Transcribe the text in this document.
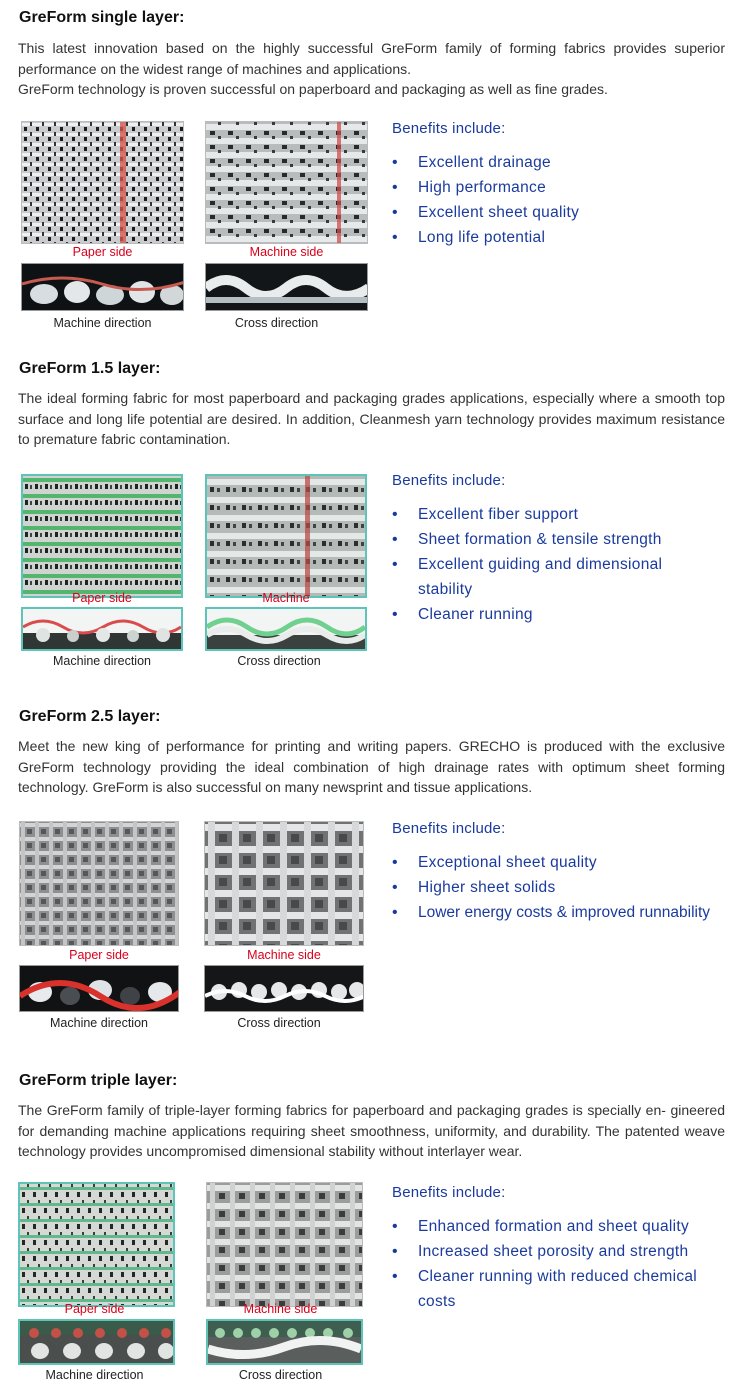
GreForm single layer:

This latest innovation based on the highly successful GreForm family of forming fabrics provides superior performance on the widest range of machines and applications.

GreForm technology is proven successful on paperboard and packaging as well as fine grades.

Paper side	Machine side
Machine direction	Cross direction
Benefits include:
• Excellent drainage
• High performance
• Excellent sheet quality
• Long life potential
GreForm 1.5 layer:

The ideal forming fabric for most paperboard and packaging grades applications, especially where a smooth top surface and long life potential are desired. In addition, Cleanmesh yarn technology provides maximum resistance to premature fabric contamination.

Paper side	Machine
Machine direction	Cross direction
Benefits include:
• Excellent fiber support
• Sheet formation & tensile strength
• Excellent guiding and dimensional stability
• Cleaner running
GreForm 2.5 layer:

Meet the new king of performance for printing and writing papers. GRECHO is produced with the exclusive GreForm technology providing the ideal combination of high drainage rates with optimum sheet forming technology. GreForm is also successful on many newsprint and tissue applications.

Paper side	Machine side
Machine direction	Cross direction
Benefits include:
• Exceptional sheet quality
• Higher sheet solids
• Lower energy costs & improved runnability
GreForm triple layer:

The GreForm family of triple-layer forming fabrics for paperboard and packaging grades is specially en- gineered for demanding machine applications requiring sheet smoothness, uniformity, and durability. The patented weave technology provides uncompromised dimensional stability without interlayer wear.

Paper side	Machine side
Machine direction	Cross direction
Benefits include:
• Enhanced formation and sheet quality
• Increased sheet porosity and strength
• Cleaner running with reduced chemical costs
